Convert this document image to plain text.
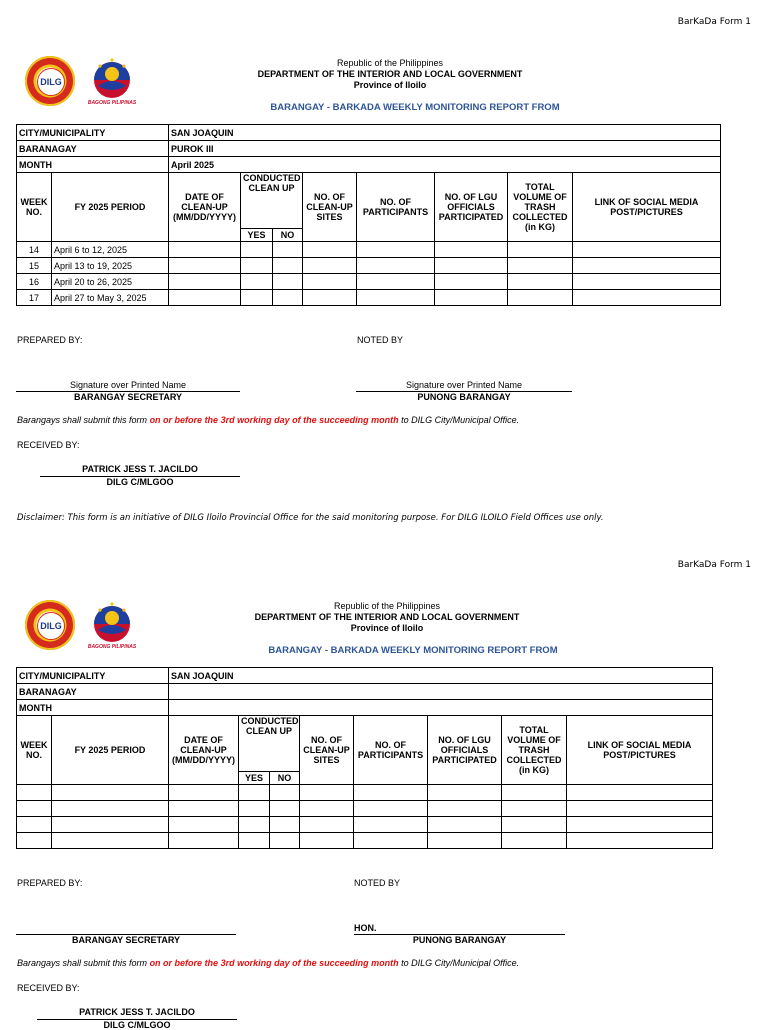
BarKaDa Form 1
DILG
BAGONG PILIPINAS
Republic of the Philippines
DEPARTMENT OF THE INTERIOR AND LOCAL GOVERNMENT
Province of Iloilo
BARANGAY - BARKADA WEEKLY MONITORING REPORT FROM
CITY/MUNICIPALITY		SAN JOAQUIN							
BARANAGAY		PUROK III							
MONTH		April 2025							
WEEK NO.	FY 2025 PERIOD	DATE OF CLEAN-UP (MM/DD/YYYY)	CONDUCTED CLEAN UP		NO. OF CLEAN-UP SITES	NO. OF PARTICIPANTS	NO. OF LGU OFFICIALS PARTICIPATED	TOTAL VOLUME OF TRASH COLLECTED (in KG)	LINK OF SOCIAL MEDIA POST/PICTURES
			YES	NO					
14	April 6 to 12, 2025								
15	April 13 to 19, 2025								
16	April 20 to 26, 2025								
17	April 27 to May 3, 2025								
PREPARED BY:	NOTED BY
Signature over Printed Name
BARANGAY SECRETARY
Signature over Printed Name
PUNONG BARANGAY
Barangays shall submit this form on or before the 3rd working day of the succeeding month to DILG City/Municipal Office.
RECEIVED BY:
PATRICK JESS T. JACILDO
DILG C/MLGOO
Disclaimer: This form is an initiative of DILG Iloilo Provincial Office for the said monitoring purpose. For DILG ILOILO Field Offices use only.
BarKaDa Form 1
DILG
BAGONG PILIPINAS
Republic of the Philippines
DEPARTMENT OF THE INTERIOR AND LOCAL GOVERNMENT
Province of Iloilo
BARANGAY - BARKADA WEEKLY MONITORING REPORT FROM
CITY/MUNICIPALITY		SAN JOAQUIN							
BARANAGAY									
MONTH									
WEEK NO.	FY 2025 PERIOD	DATE OF CLEAN-UP (MM/DD/YYYY)	CONDUCTED CLEAN UP		NO. OF CLEAN-UP SITES	NO. OF PARTICIPANTS	NO. OF LGU OFFICIALS PARTICIPATED	TOTAL VOLUME OF TRASH COLLECTED (in KG)	LINK OF SOCIAL MEDIA POST/PICTURES
			YES	NO					

PREPARED BY:	NOTED BY
BARANGAY SECRETARY
HON.
PUNONG BARANGAY
Barangays shall submit this form on or before the 3rd working day of the succeeding month to DILG City/Municipal Office.
RECEIVED BY:
PATRICK JESS T. JACILDO
DILG C/MLGOO
